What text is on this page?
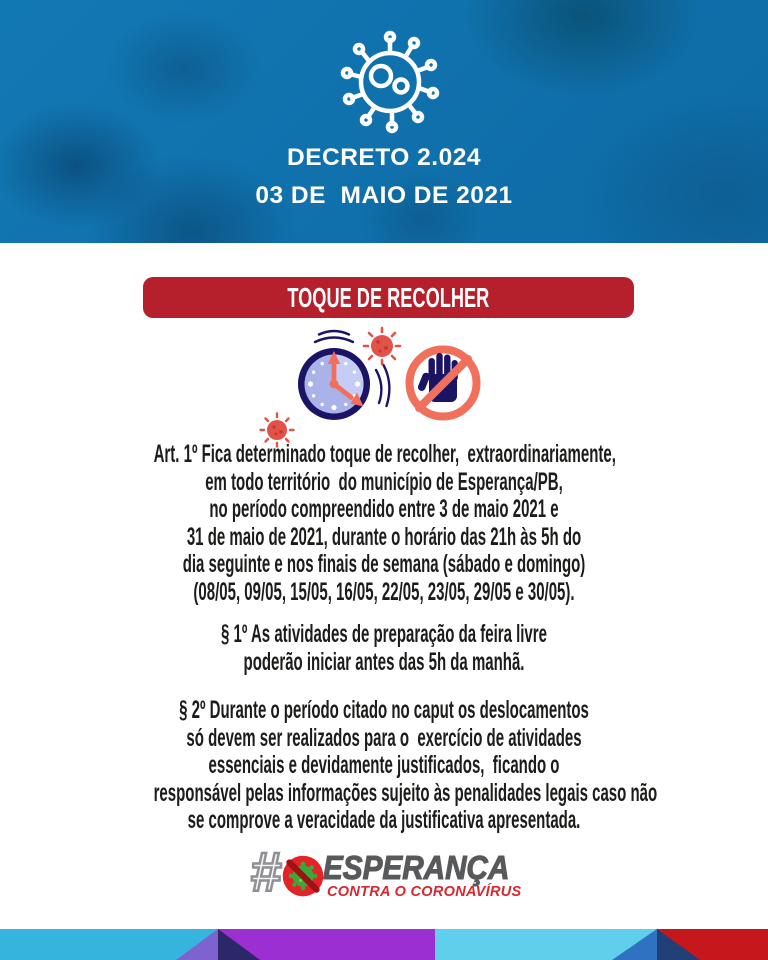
DECRETO 2.024
03 DE  MAIO DE 2021
TOQUE DE RECOLHER
Art. 1º Fica determinado toque de recolher,  extraordinariamente,
em todo território  do município de Esperança/PB,
no período compreendido entre 3 de maio 2021 e
31 de maio de 2021, durante o horário das 21h às 5h do
dia seguinte e nos finais de semana (sábado e domingo)
(08/05, 09/05, 15/05, 16/05, 22/05, 23/05, 29/05 e 30/05).
§ 1º As atividades de preparação da feira livre
poderão iniciar antes das 5h da manhã.
§ 2º Durante o período citado no caput os deslocamentos
só devem ser realizados para o  exercício de atividades
essenciais e devidamente justificados,  ficando o
responsável pelas informações sujeito às penalidades legais caso não
se comprove a veracidade da justificativa apresentada.
# ESPERANÇA
CONTRA O CORONAVÍRUS
